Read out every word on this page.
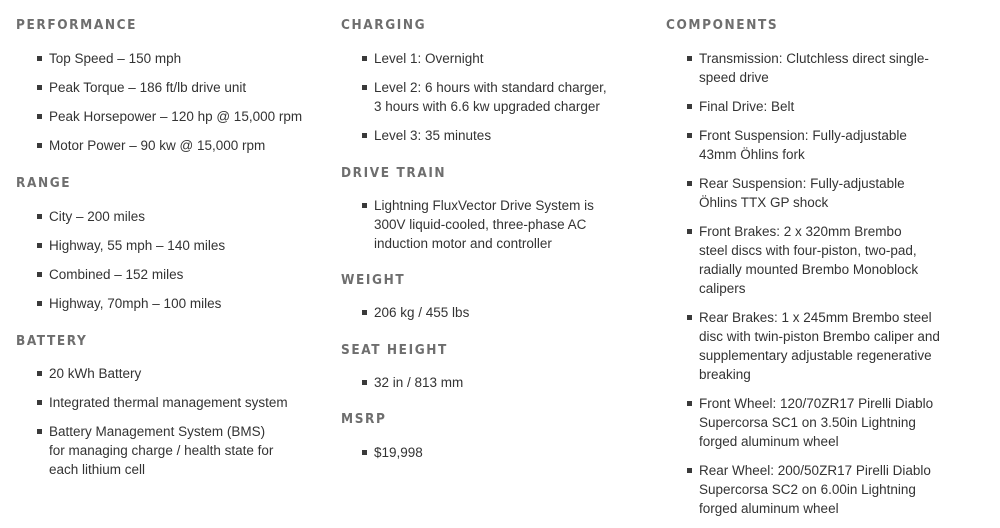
PERFORMANCE
Top Speed – 150 mph
Peak Torque – 186 ft/lb drive unit
Peak Horsepower – 120 hp @ 15,000 rpm
Motor Power – 90 kw @ 15,000 rpm
RANGE
City – 200 miles
Highway, 55 mph – 140 miles
Combined – 152 miles
Highway, 70mph – 100 miles
BATTERY
20 kWh Battery
Integrated thermal management system
Battery Management System (BMS) for managing charge / health state for each lithium cell
CHARGING
Level 1: Overnight
Level 2: 6 hours with standard charger, 3 hours with 6.6 kw upgraded charger
Level 3: 35 minutes
DRIVE TRAIN
Lightning FluxVector Drive System is 300V liquid-cooled, three-phase AC induction motor and controller
WEIGHT
206 kg / 455 lbs
SEAT HEIGHT
32 in / 813 mm
MSRP
$19,998
COMPONENTS
Transmission: Clutchless direct single-speed drive
Final Drive: Belt
Front Suspension: Fully-adjustable 43mm Öhlins fork
Rear Suspension: Fully-adjustable Öhlins TTX GP shock
Front Brakes: 2 x 320mm Brembo steel discs with four-piston, two-pad, radially mounted Brembo Monoblock calipers
Rear Brakes: 1 x 245mm Brembo steel disc with twin-piston Brembo caliper and supplementary adjustable regenerative breaking
Front Wheel: 120/70ZR17 Pirelli Diablo Supercorsa SC1 on 3.50in Lightning forged aluminum wheel
Rear Wheel: 200/50ZR17 Pirelli Diablo Supercorsa SC2 on 6.00in Lightning forged aluminum wheel
